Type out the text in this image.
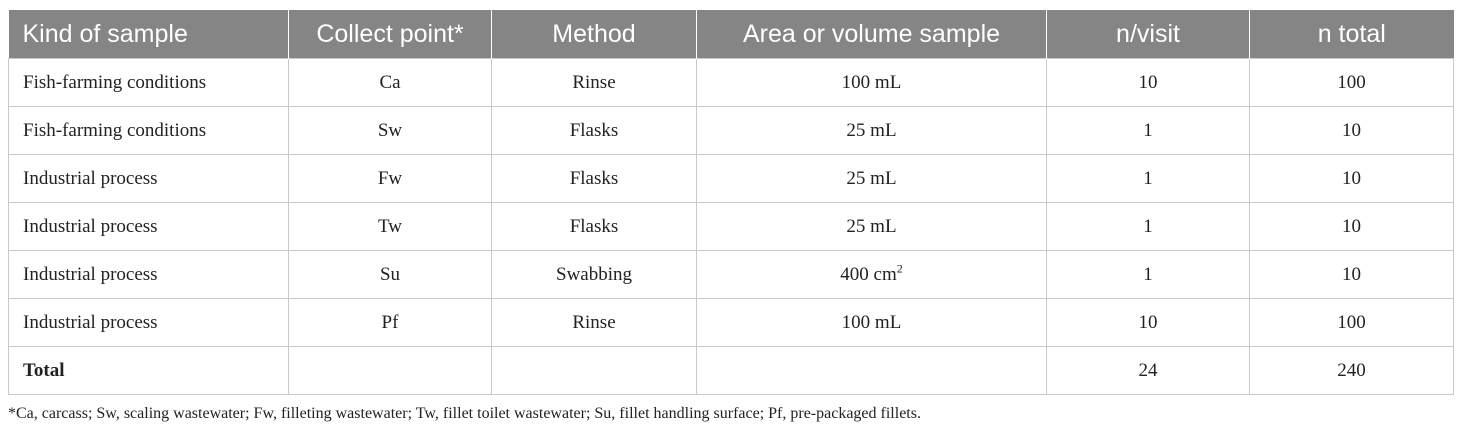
Kind of sample	Collect point*	Method	Area or volume sample	n/visit	n total
Fish-farming conditions	Ca	Rinse	100 mL	10	100
Fish-farming conditions	Sw	Flasks	25 mL	1	10
Industrial process	Fw	Flasks	25 mL	1	10
Industrial process	Tw	Flasks	25 mL	1	10
Industrial process	Su	Swabbing	400 $cm^2$	1	10
Industrial process	Pf	Rinse	100 mL	10	100
Total				24	240
*Ca, carcass; Sw, scaling wastewater; Fw, filleting wastewater; Tw, fillet toilet wastewater; Su, fillet handling surface; Pf, pre-packaged fillets.
